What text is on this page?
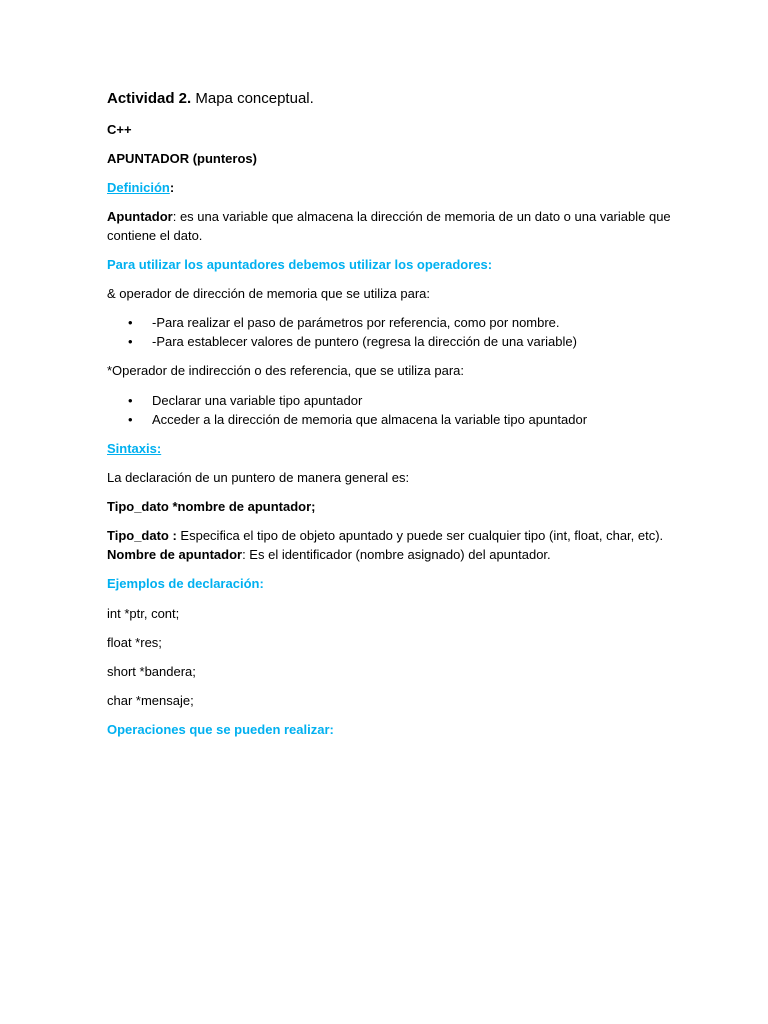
Actividad 2. Mapa conceptual.

C++

APUNTADOR (punteros)

Definición:

Apuntador: es una variable que almacena la dirección de memoria de un dato o una variable que
contiene el dato.

Para utilizar los apuntadores debemos utilizar los operadores:

& operador de dirección de memoria que se utiliza para:

• -Para realizar el paso de parámetros por referencia, como por nombre.
• -Para establecer valores de puntero (regresa la dirección de una variable)

*Operador de indirección o des referencia, que se utiliza para:

• Declarar una variable tipo apuntador
• Acceder a la dirección de memoria que almacena la variable tipo apuntador

Sintaxis:

La declaración de un puntero de manera general es:

Tipo_dato *nombre de apuntador;

Tipo_dato : Especifica el tipo de objeto apuntado y puede ser cualquier tipo (int, float, char, etc).
Nombre de apuntador: Es el identificador (nombre asignado) del apuntador.

Ejemplos de declaración:

int *ptr, cont;

float *res;

short *bandera;

char *mensaje;

Operaciones que se pueden realizar:
